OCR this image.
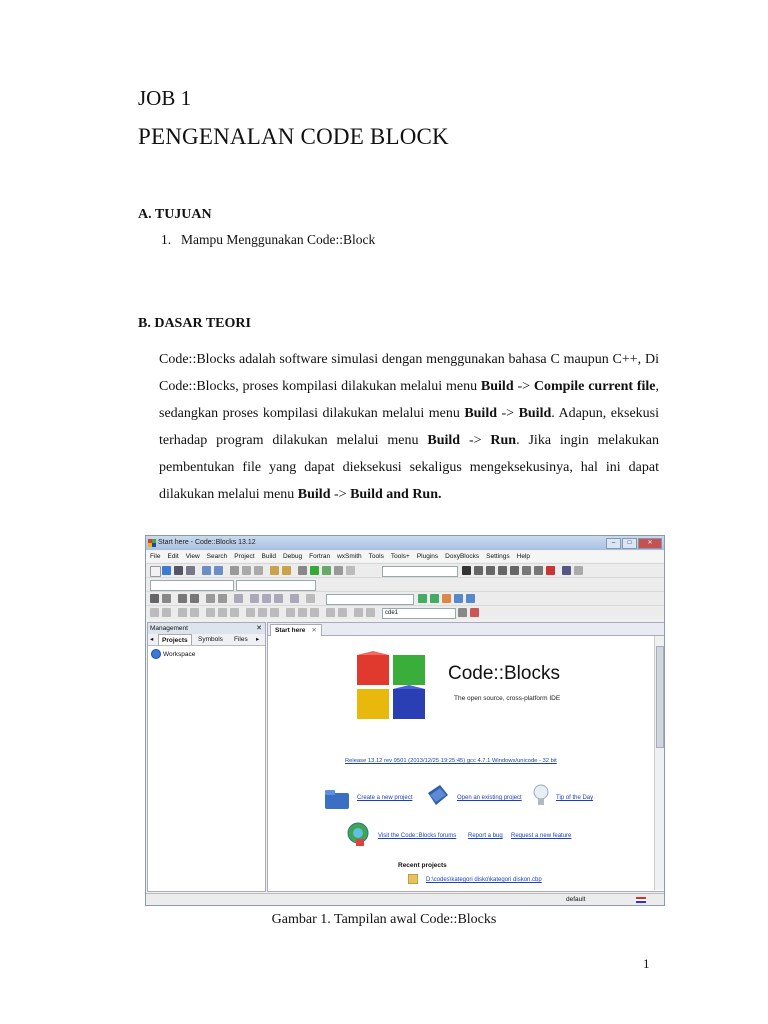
JOB 1
PENGENALAN CODE BLOCK
A. TUJUAN
1. Mampu Menggunakan Code::Block
B. DASAR TEORI
Code::Blocks adalah software simulasi dengan menggunakan bahasa C maupun C++, Di Code::Blocks, proses kompilasi dilakukan melalui menu Build -> Compile current file, sedangkan proses kompilasi dilakukan melalui menu Build -> Build. Adapun, eksekusi terhadap program dilakukan melalui menu Build -> Run. Jika ingin melakukan pembentukan file yang dapat dieksekusi sekaligus mengeksekusinya, hal ini dapat dilakukan melalui menu Build -> Build and Run.
Start here - Code::Blocks 13.12	–	□	✕
File Edit View Search Project Build Debug Fortran wxSmith Tools Tools+ Plugins DoxyBlocks Settings Help
cde1
Management	✕
◂	Projects	Symbols Files ▸
Workspace
Start here ✕
Code::Blocks
The open source, cross-platform IDE
Release 13.12 rev 9501 (2013/12/25 19:25:45) gcc 4.7.1 Windows/unicode - 32 bit
Create a new project	Open an existing project	Tip of the Day
Visit the Code::Blocks forums Report a bug Request a new feature
Recent projects
D:\codes\kategori disko\kategori diskon.cbp
default
Gambar 1. Tampilan awal Code::Blocks
1
